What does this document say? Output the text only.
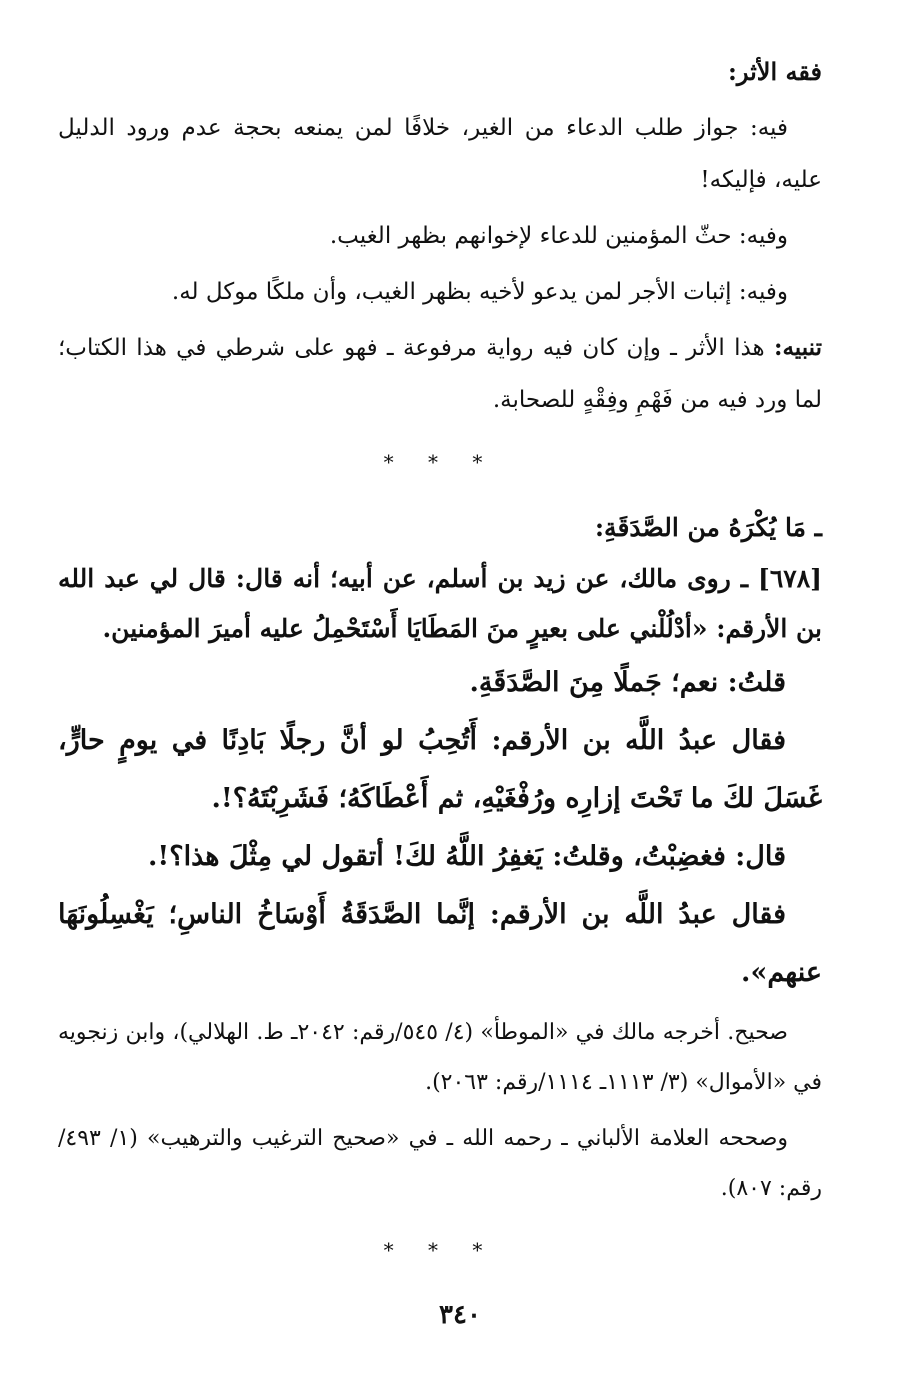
فقه الأثر:

فيه: جواز طلب الدعاء من الغير، خلافًا لمن يمنعه بحجة عدم ورود الدليل عليه، فإليكه!

وفيه: حثّ المؤمنين للدعاء لإخوانهم بظهر الغيب.

وفيه: إثبات الأجر لمن يدعو لأخيه بظهر الغيب، وأن ملكًا موكل له.

تنبيه: هذا الأثر ـ وإن كان فيه رواية مرفوعة ـ فهو على شرطي في هذا الكتاب؛ لما ورد فيه من فَهْمِ وفِقْهٍ للصحابة.

* * *

ـ مَا يُكْرَهُ من الصَّدَقَةِ:

[٦٧٨] ـ روى مالك، عن زيد بن أسلم، عن أبيه؛ أنه قال: قال لي عبد الله بن الأرقم: «أدْلُلْني على بعيرٍ منَ المَطَايَا أَسْتَحْمِلُ عليه أميرَ المؤمنين.

قلتُ: نعم؛ جَملًا مِنَ الصَّدَقَةِ.

فقال عبدُ اللَّه بن الأرقم: أَتُحِبُ لو أنَّ رجلًا بَادِنًا في يومٍ حارٍّ، غَسَلَ لكَ ما تَحْتَ إزارِه ورُفْغَيْهِ، ثم أَعْطَاكَهُ؛ فَشَرِبْتَهُ؟!.

قال: فغضِبْتُ، وقلتُ: يَغفِرُ اللَّهُ لكَ! أتقول لي مِثْلَ هذا؟!.

فقال عبدُ اللَّه بن الأرقم: إنَّما الصَّدَقَةُ أَوْسَاخُ الناسِ؛ يَغْسِلُونَهَا عنهم».

صحيح. أخرجه مالك في «الموطأ» (٤/ ٥٤٥/رقم: ٢٠٤٢ـ ط. الهلالي)، وابن زنجويه في «الأموال» (٣/ ١١١٣ـ ١١١٤/رقم: ٢٠٦٣).

وصححه العلامة الألباني ـ رحمه الله ـ في «صحيح الترغيب والترهيب» (١/ ٤٩٣/ رقم: ٨٠٧).

* * *

٣٤٠
